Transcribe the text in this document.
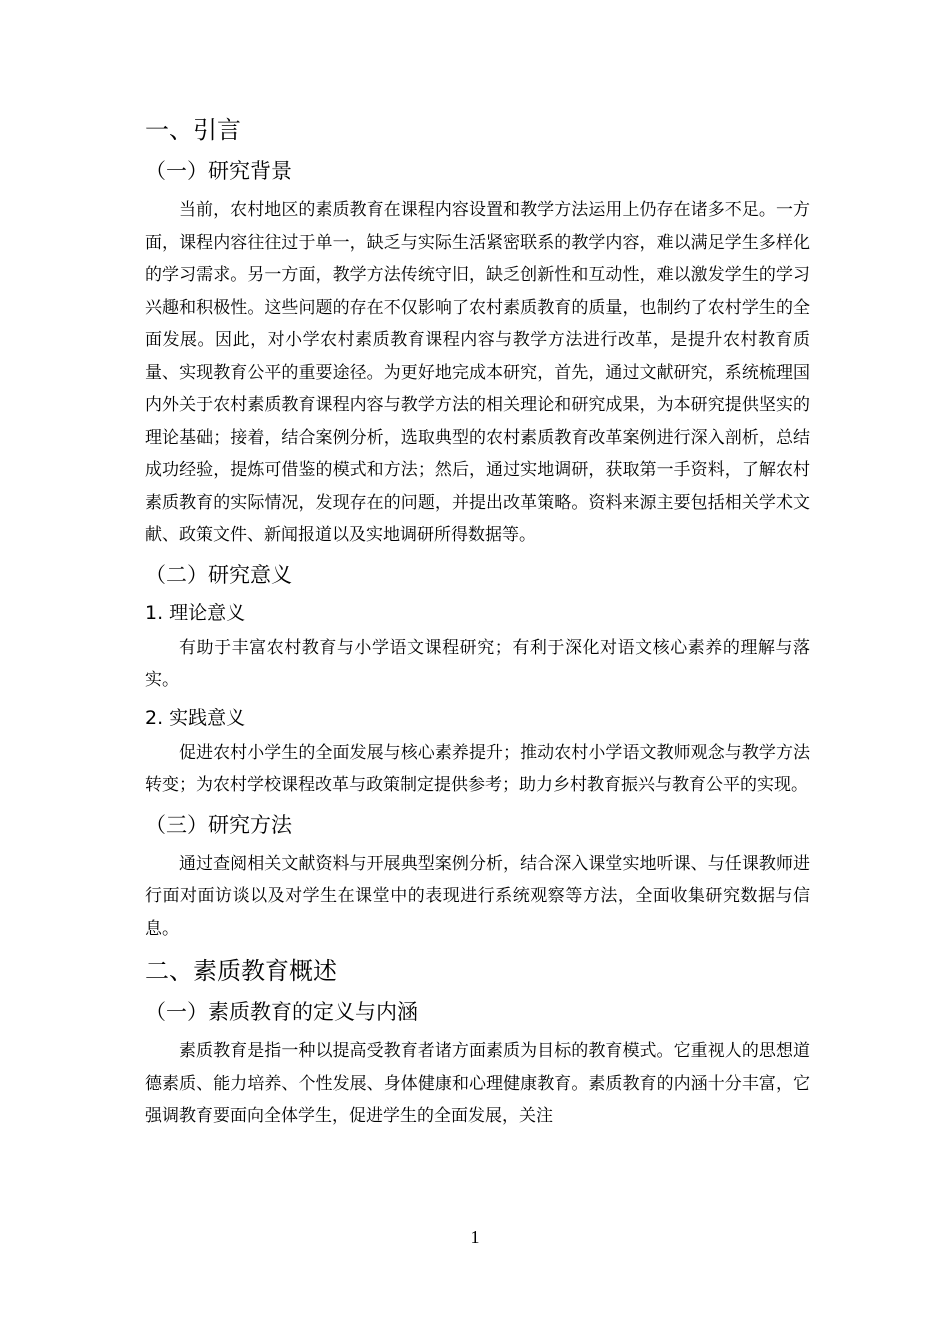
一、引言
（一）研究背景

当前，农村地区的素质教育在课程内容设置和教学方法运用上仍存在诸多不足。一方面，课程内容往往过于单一，缺乏与实际生活紧密联系的教学内容，难以满足学生多样化的学习需求。另一方面，教学方法传统守旧，缺乏创新性和互动性，难以激发学生的学习兴趣和积极性。这些问题的存在不仅影响了农村素质教育的质量，也制约了农村学生的全面发展。因此，对小学农村素质教育课程内容与教学方法进行改革，是提升农村教育质量、实现教育公平的重要途径。为更好地完成本研究，首先，通过文献研究，系统梳理国内外关于农村素质教育课程内容与教学方法的相关理论和研究成果，为本研究提供坚实的理论基础；接着，结合案例分析，选取典型的农村素质教育改革案例进行深入剖析，总结成功经验，提炼可借鉴的模式和方法；然后，通过实地调研，获取第一手资料，了解农村素质教育的实际情况，发现存在的问题，并提出改革策略。资料来源主要包括相关学术文献、政策文件、新闻报道以及实地调研所得数据等。

（二）研究意义
1. 理论意义

有助于丰富农村教育与小学语文课程研究；有利于深化对语文核心素养的理解与落实。

2. 实践意义

促进农村小学生的全面发展与核心素养提升；推动农村小学语文教师观念与教学方法转变；为农村学校课程改革与政策制定提供参考；助力乡村教育振兴与教育公平的实现。

（三）研究方法

通过查阅相关文献资料与开展典型案例分析，结合深入课堂实地听课、与任课教师进行面对面访谈以及对学生在课堂中的表现进行系统观察等方法，全面收集研究数据与信息。

二、素质教育概述
（一）素质教育的定义与内涵

素质教育是指一种以提高受教育者诸方面素质为目标的教育模式。它重视人的思想道德素质、能力培养、个性发展、身体健康和心理健康教育。素质教育的内涵十分丰富，它强调教育要面向全体学生，促进学生的全面发展，关注

1
